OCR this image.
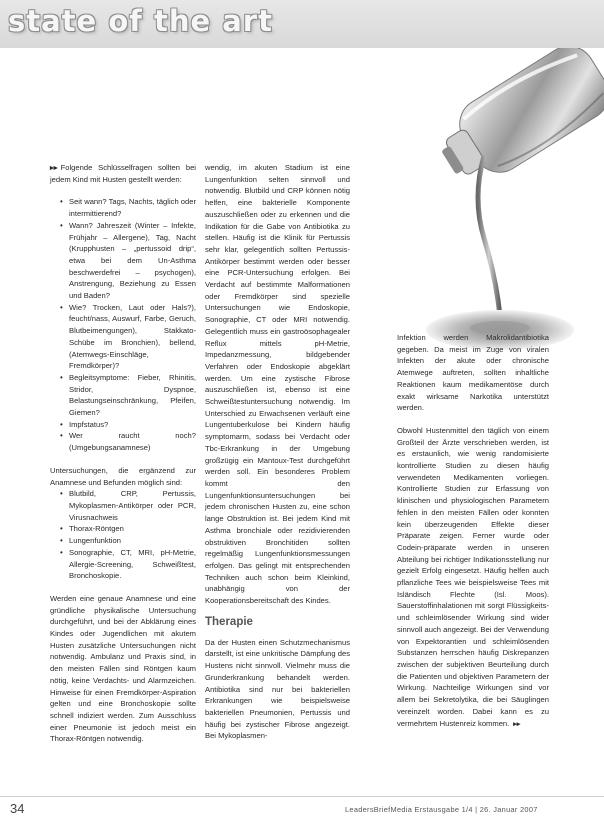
state of the art

▸▸ Folgende Schlüsselfragen sollten bei jedem Kind mit Husten gestellt werden:

• Seit wann? Tags, Nachts, täglich oder intermittierend?
• Wann? Jahreszeit (Winter – Infekte, Frühjahr – Allergene), Tag, Nacht (Krupphusten – „pertussoid drip“, etwa bei dem Un-Asthma beschwerdefrei – psychogen), Anstrengung, Beziehung zu Essen und Baden?
• Wie? Trocken, Laut oder Hals?), feucht/nass, Auswurf, Farbe, Geruch, Blutbeimengungen), Stakkato-Schübe im Bronchien), bellend, (Atemwegs-Einschläge, Fremdkörper)?
• Begleitsymptome: Fieber, Rhinitis, Stridor, Dyspnoe, Belastungseinschränkung, Pfeifen, Giemen?
• Impfstatus?
• Wer raucht noch? (Umgebungsanamnese)

Untersuchungen, die ergänzend zur Anamnese und Befunden möglich sind:

• Blutbild, CRP, Pertussis, Mykoplasmen-Antikörper oder PCR, Virusnachweis
• Thorax-Röntgen
• Lungenfunktion
• Sonographie, CT, MRI, pH-Metrie, Allergie-Screening, Schweißtest, Bronchoskopie.

Werden eine genaue Anamnese und eine gründliche physikalische Untersuchung durchgeführt, und bei der Abklärung eines Kindes oder Jugendlichen mit akutem Husten zusätzliche Untersuchungen nicht notwendig. Ambulanz und Praxis sind, in den meisten Fällen sind Röntgen kaum nötig, keine Verdachts- und Alarmzeichen. Hinweise für einen Fremdkörper-Aspiration gelten und eine Bronchoskopie sollte schnell indiziert werden. Zum Ausschluss einer Pneumonie ist jedoch meist ein Thorax-Röntgen notwendig.

wendig, im akuten Stadium ist eine Lungenfunktion selten sinnvoll und notwendig. Blutbild und CRP können nötig helfen, eine bakterielle Komponente auszuschließen oder zu erkennen und die Indikation für die Gabe von Antibiotika zu stellen. Häufig ist die Klinik für Pertussis sehr klar, gelegentlich sollten Pertussis-Antikörper bestimmt werden oder besser eine PCR-Untersuchung erfolgen. Bei Verdacht auf bestimmte Malformationen oder Fremdkörper sind spezielle Untersuchungen wie Endoskopie, Sonographie, CT oder MRI notwendig. Gelegentlich muss ein gastroösophagealer Reflux mittels pH-Metrie, Impedanzmessung, bildgebender Verfahren oder Endoskopie abgeklärt werden. Um eine zystische Fibrose auszuschließen ist, ebenso ist eine Schweißtestuntersuchung notwendig. Im Unterschied zu Erwachsenen verläuft eine Lungentuberkulose bei Kindern häufig symptomarm, sodass bei Verdacht oder Tbc-Erkrankung in der Umgebung großzügig ein Mantoux-Test durchgeführt werden soll. Ein besonderes Problem kommt den Lungenfunktionsuntersuchungen bei jedem chronischen Husten zu, eine schon lange Obstruktion ist. Bei jedem Kind mit Asthma bronchiale oder rezidivierenden obstruktiven Bronchitiden sollten regelmäßig Lungenfunktionsmessungen erfolgen. Das gelingt mit entsprechenden Techniken auch schon beim Kleinkind, unabhängig von der Kooperationsbereitschaft des Kindes.

Therapie

Da der Husten einen Schutzmechanismus darstellt, ist eine unkritische Dämpfung des Hustens nicht sinnvoll. Vielmehr muss die Grunderkrankung behandelt werden. Antibiotika sind nur bei bakteriellen Erkrankungen wie beispielsweise bakteriellen Pneumonien, Pertussis und häufig bei zystischer Fibrose angezeigt. Bei Mykoplasmen-

Infektion werden Makrolidantibiotika gegeben. Da meist im Zuge von viralen Infekten der akute oder chronische Atemwege auftreten, sollten inhaltliche Reaktionen kaum medikamentöse durch exakt wirksame Narkotika unterstützt werden.

Obwohl Hustenmittel den täglich von einem Großteil der Ärzte verschrieben werden, ist es erstaunlich, wie wenig randomisierte kontrollierte Studien zu diesen häufig verwendeten Medikamenten vorliegen. Kontrollierte Studien zur Erfassung von klinischen und physiologischen Parametern fehlen in den meisten Fällen oder konnten kein überzeugenden Effekte dieser Präparate zeigen. Ferner wurde oder Codein-präparate werden in unseren Abteilung bei richtiger Indikationsstellung nur gezielt Erfolg eingesetzt. Häufig helfen auch pflanzliche Tees wie beispielsweise Tees mit Isländisch Flechte (Isl. Moos). Sauerstoffinhalationen mit sorgt Flüssigkeits- und schleimlösender Wirkung sind wider sinnvoll auch angezeigt. Bei der Verwendung von Expektorantien und schleimlösenden Substanzen herrschen häufig Diskrepanzen zwischen der subjektiven Beurteilung durch die Patienten und objektiven Parametern der Wirkung. Nachteilige Wirkungen sind vor allem bei Sekretolytika, die bei Säuglingen vereinzelt worden. Dabei kann es zu vermehrtem Hustenreiz kommen. ▸▸

34	LeadersBriefMedia Erstausgabe 1/4 | 26. Januar 2007
